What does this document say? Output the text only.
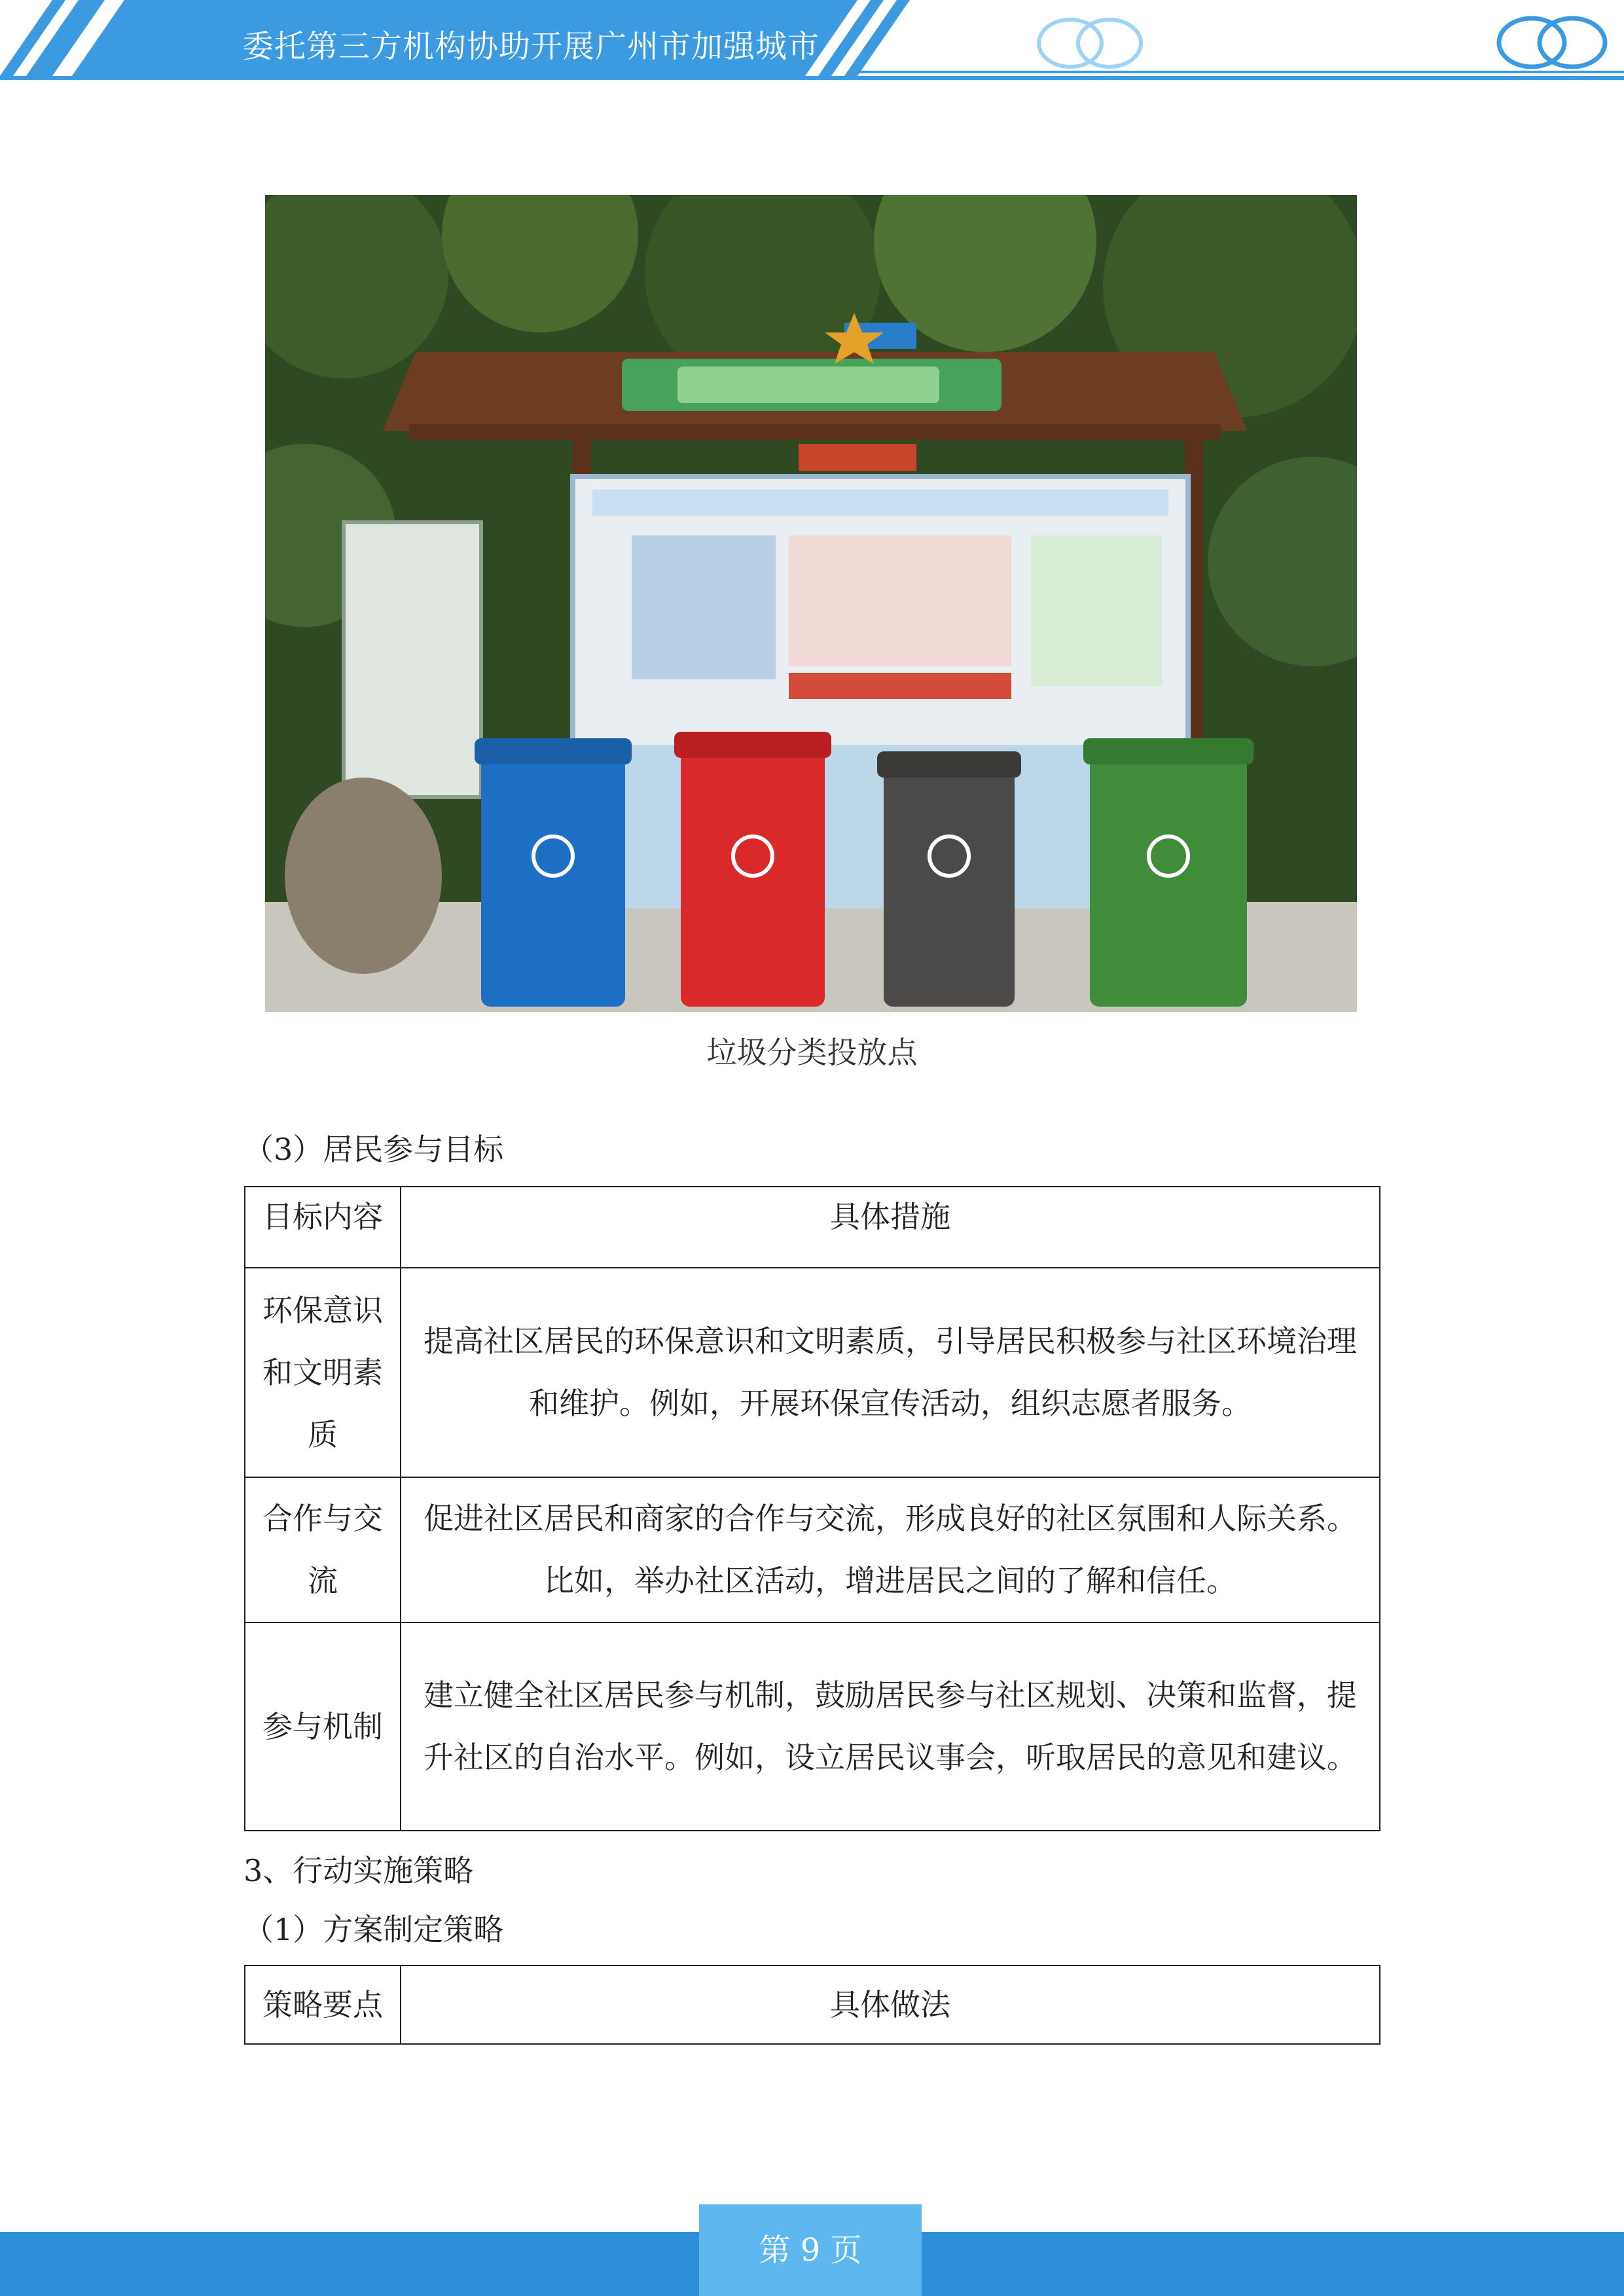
委托第三方机构协助开展广州市加强城市
垃圾分类投放点
（3）居民参与目标
目标内容	具体措施
环保意识和文明素质	提高社区居民的环保意识和文明素质，引导居民积极参与社区环境治理和维护。例如，开展环保宣传活动，组织志愿者服务。
合作与交流	促进社区居民和商家的合作与交流，形成良好的社区氛围和人际关系。比如，举办社区活动，增进居民之间的了解和信任。
参与机制	建立健全社区居民参与机制，鼓励居民参与社区规划、决策和监督，提升社区的自治水平。例如，设立居民议事会，听取居民的意见和建议。
3、行动实施策略
（1）方案制定策略
策略要点	具体做法
第 9 页
